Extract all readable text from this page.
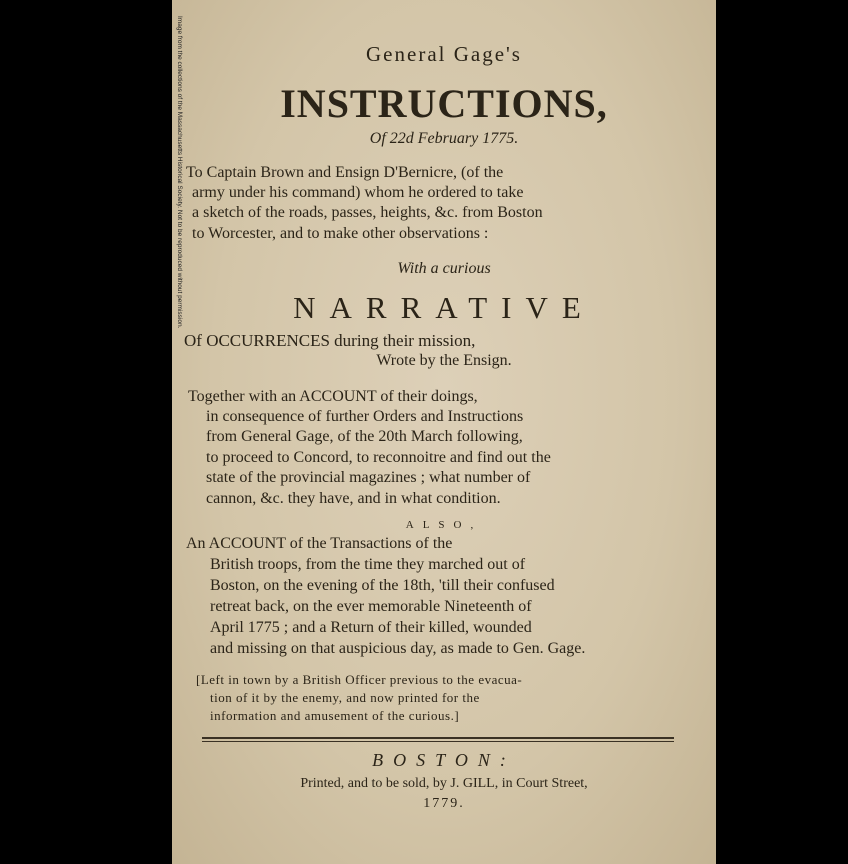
Image from the collections of the Massachusetts Historical Society. Not to be reproduced without permission.	General Gage's
INSTRUCTIONS,
Of 22d February 1775.
To Captain Brown and Ensign D'Bernicre, (of the
army under his command) whom he ordered to take
a sketch of the roads, passes, heights, &c. from Boston
to Worcester, and to make other observations :
With a curious
NARRATIVE
Of OCCURRENCES during their mission,
Wrote by the Ensign.
Together with an ACCOUNT of their doings,
in consequence of further Orders and Instructions
from General Gage, of the 20th March following,
to proceed to Concord, to reconnoitre and find out the
state of the provincial magazines ; what number of
cannon, &c. they have, and in what condition.
ALSO,
An ACCOUNT of the Transactions of the
British troops, from the time they marched out of
Boston, on the evening of the 18th, 'till their confused
retreat back, on the ever memorable Nineteenth of
April 1775 ; and a Return of their killed, wounded
and missing on that auspicious day, as made to Gen. Gage.
[Left in town by a British Officer previous to the evacua-
tion of it by the enemy, and now printed for the
information and amusement of the curious.]
BOSTON:
Printed, and to be sold, by J. GILL, in Court Street,
1779.
